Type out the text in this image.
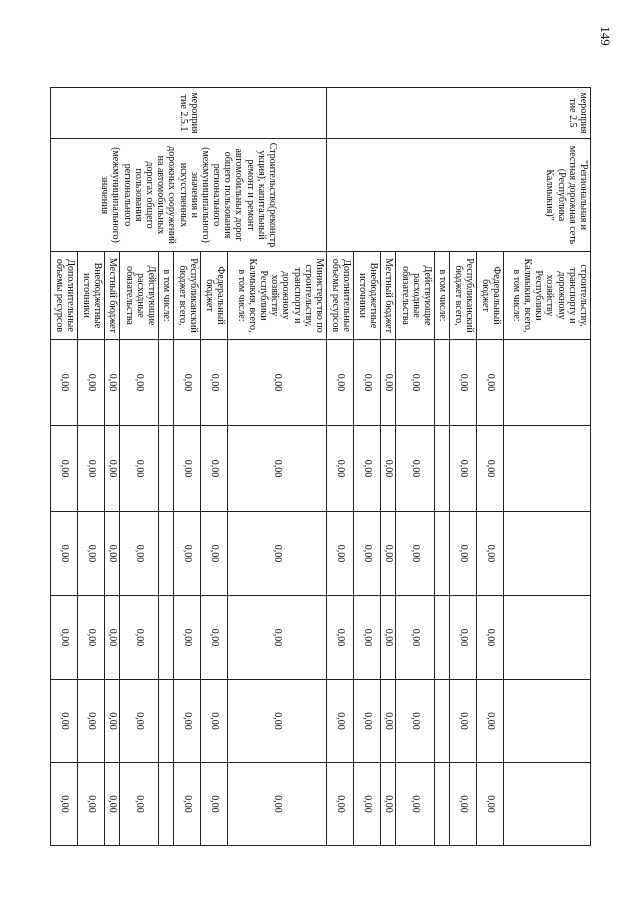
149
мероприятие 2.5	"Региональная и местная дорожная сеть (Республика Калмыкия)"	строительству, транспорту и дорожному хозяйству Республики Калмыкия, всего, в том числе:						
		Федеральный бюджет	0,00	0,00	0,00	0,00	0,00	0,00
		Республиканский бюджет всего,	0,00	0,00	0,00	0,00	0,00	0,00
		в том числе:						
		Действующие расходные обязательства	0,00	0,00	0,00	0,00	0,00	0,00
		Местный бюджет	0,00	0,00	0,00	0,00	0,00	0,00
		Внебюджетные источники	0,00	0,00	0,00	0,00	0,00	0,00
		Дополнительные объемы ресурсов	0,00	0,00	0,00	0,00	0,00	0,00
мероприятие 2.5.1	Строительство(реконструкция), капитальный ремонт и ремонт автомобильных дорог общего пользования регионального (межмуниципального) значения и искусственных дорожных сооружений на автомобильных дорогах общего пользования регионального (межмуниципального) значения	Министерство по строительству, транспорту и дорожному хозяйству Республики Калмыкия, всего, в том числе:	0,00	0,00	0,00	0,00	0,00	0,00
		Федеральный бюджет	0,00	0,00	0,00	0,00	0,00	0,00
		Республиканский бюджет всего,	0,00	0,00	0,00	0,00	0,00	0,00
		в том числе:						
		Действующие расходные обязательства	0,00	0,00	0,00	0,00	0,00	0,00
		Местный бюджет	0,00	0,00	0,00	0,00	0,00	0,00
		Внебюджетные источники	0,00	0,00	0,00	0,00	0,00	0,00
		Дополнительные объемы ресурсов	0,00	0,00	0,00	0,00	0,00	0,00
